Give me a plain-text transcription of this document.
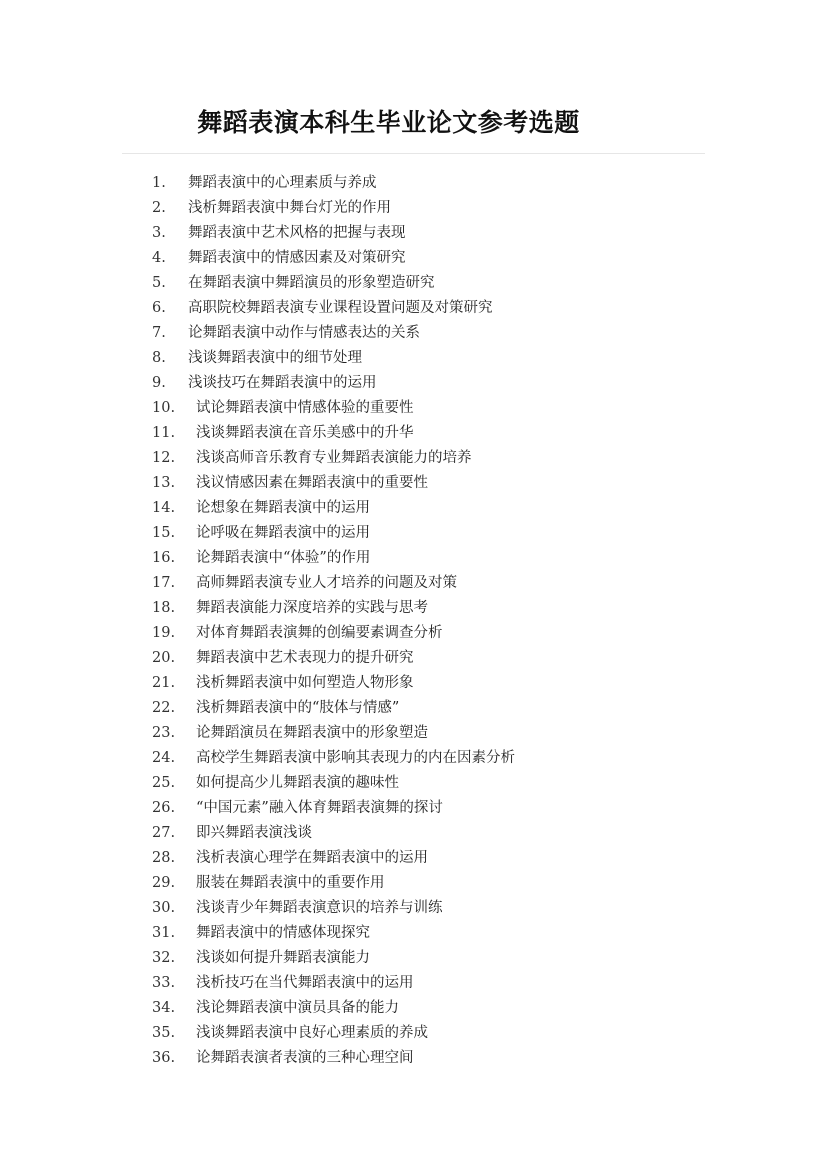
舞蹈表演本科生毕业论文参考选题
1.	舞蹈表演中的心理素质与养成
2.	浅析舞蹈表演中舞台灯光的作用
3.	舞蹈表演中艺术风格的把握与表现
4.	舞蹈表演中的情感因素及对策研究
5.	在舞蹈表演中舞蹈演员的形象塑造研究
6.	高职院校舞蹈表演专业课程设置问题及对策研究
7.	论舞蹈表演中动作与情感表达的关系
8.	浅谈舞蹈表演中的细节处理
9.	浅谈技巧在舞蹈表演中的运用
10.	试论舞蹈表演中情感体验的重要性
11.	浅谈舞蹈表演在音乐美感中的升华
12.	浅谈高师音乐教育专业舞蹈表演能力的培养
13.	浅议情感因素在舞蹈表演中的重要性
14.	论想象在舞蹈表演中的运用
15.	论呼吸在舞蹈表演中的运用
16.	论舞蹈表演中“体验”的作用
17.	高师舞蹈表演专业人才培养的问题及对策
18.	舞蹈表演能力深度培养的实践与思考
19.	对体育舞蹈表演舞的创编要素调查分析
20.	舞蹈表演中艺术表现力的提升研究
21.	浅析舞蹈表演中如何塑造人物形象
22.	浅析舞蹈表演中的“肢体与情感”
23.	论舞蹈演员在舞蹈表演中的形象塑造
24.	高校学生舞蹈表演中影响其表现力的内在因素分析
25.	如何提高少儿舞蹈表演的趣味性
26.	“中国元素”融入体育舞蹈表演舞的探讨
27.	即兴舞蹈表演浅谈
28.	浅析表演心理学在舞蹈表演中的运用
29.	服装在舞蹈表演中的重要作用
30.	浅谈青少年舞蹈表演意识的培养与训练
31.	舞蹈表演中的情感体现探究
32.	浅谈如何提升舞蹈表演能力
33.	浅析技巧在当代舞蹈表演中的运用
34.	浅论舞蹈表演中演员具备的能力
35.	浅谈舞蹈表演中良好心理素质的养成
36.	论舞蹈表演者表演的三种心理空间
